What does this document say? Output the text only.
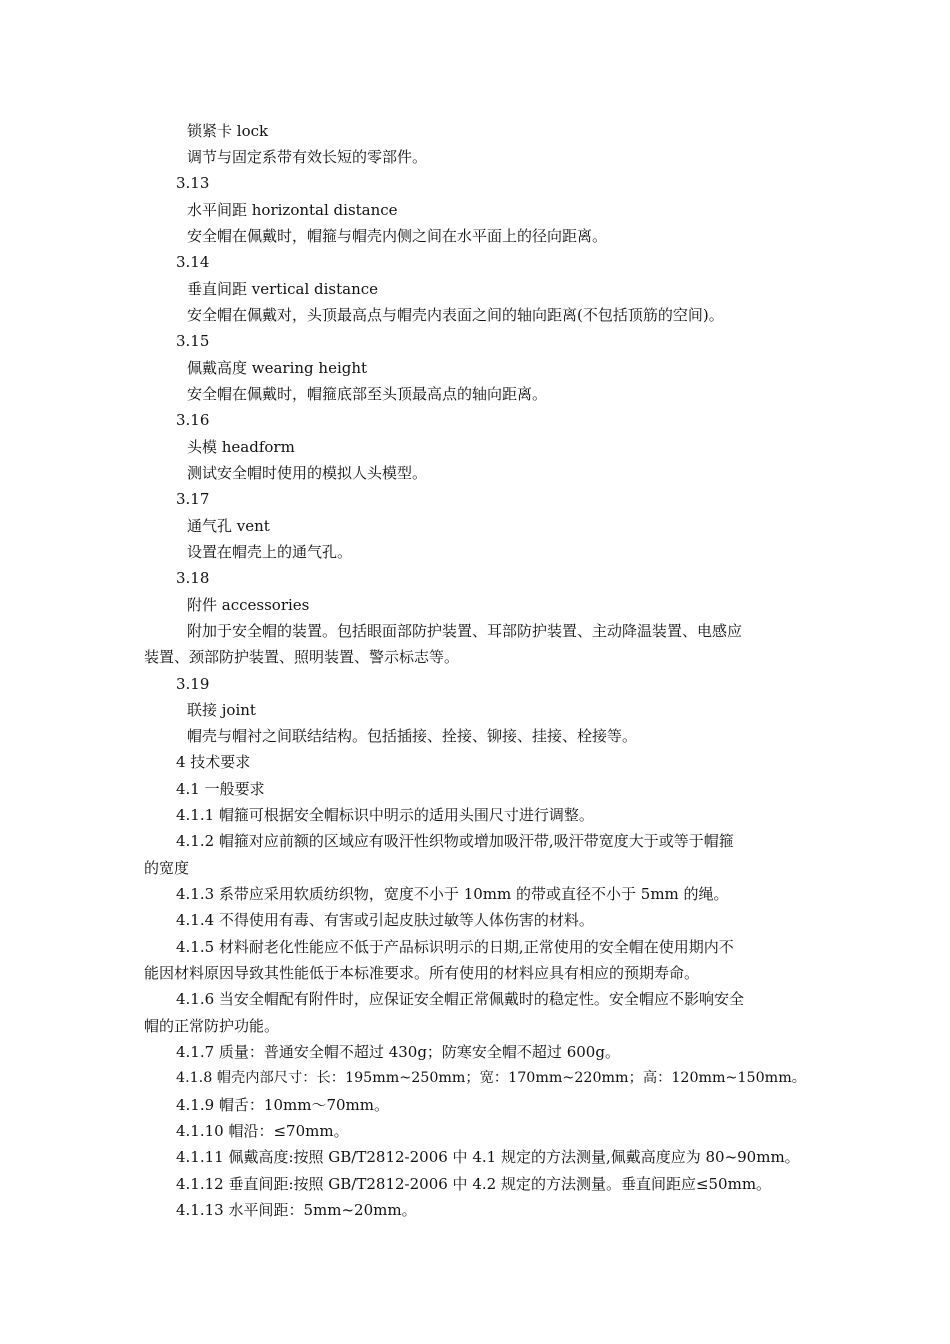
锁紧卡 lock
调节与固定系带有效长短的零部件。
3.13
水平间距 horizontal distance
安全帽在佩戴时，帽箍与帽壳内侧之间在水平面上的径向距离。
3.14
垂直间距 vertical distance
安全帽在佩戴对，头顶最高点与帽壳内表面之间的轴向距离(不包括顶筋的空间)。
3.15
佩戴高度 wearing height
安全帽在佩戴时，帽箍底部至头顶最高点的轴向距离。
3.16
头模 headform
测试安全帽时使用的模拟人头模型。
3.17
通气孔 vent
设置在帽壳上的通气孔。
3.18
附件 accessories
附加于安全帽的装置。包括眼面部防护装置、耳部防护装置、主动降温装置、电感应
装置、颈部防护装置、照明装置、警示标志等。
3.19
联接 joint
帽壳与帽衬之间联结结构。包括插接、拴接、铆接、挂接、栓接等。
4 技术要求
4.1 一般要求
4.1.1 帽箍可根据安全帽标识中明示的适用头围尺寸进行调整。
4.1.2 帽箍对应前额的区域应有吸汗性织物或增加吸汗带,吸汗带宽度大于或等于帽箍
的宽度
4.1.3 系带应采用软质纺织物，宽度不小于 10mm 的带或直径不小于 5mm 的绳。
4.1.4 不得使用有毒、有害或引起皮肤过敏等人体伤害的材料。
4.1.5 材料耐老化性能应不低于产品标识明示的日期,正常使用的安全帽在使用期内不
能因材料原因导致其性能低于本标准要求。所有使用的材料应具有相应的预期寿命。
4.1.6 当安全帽配有附件时，应保证安全帽正常佩戴时的稳定性。安全帽应不影响安全
帽的正常防护功能。
4.1.7 质量：普通安全帽不超过 430g；防寒安全帽不超过 600g。
4.1.8 帽壳内部尺寸：长：195mm~250mm；宽：170mm~220mm；高：120mm~150mm。
4.1.9 帽舌：10mm～70mm。
4.1.10 帽沿：≤70mm。
4.1.11 佩戴高度:按照 GB/T2812-2006 中 4.1 规定的方法测量,佩戴高度应为 80~90mm。
4.1.12 垂直间距:按照 GB/T2812-2006 中 4.2 规定的方法测量。垂直间距应≤50mm。
4.1.13 水平间距：5mm~20mm。
